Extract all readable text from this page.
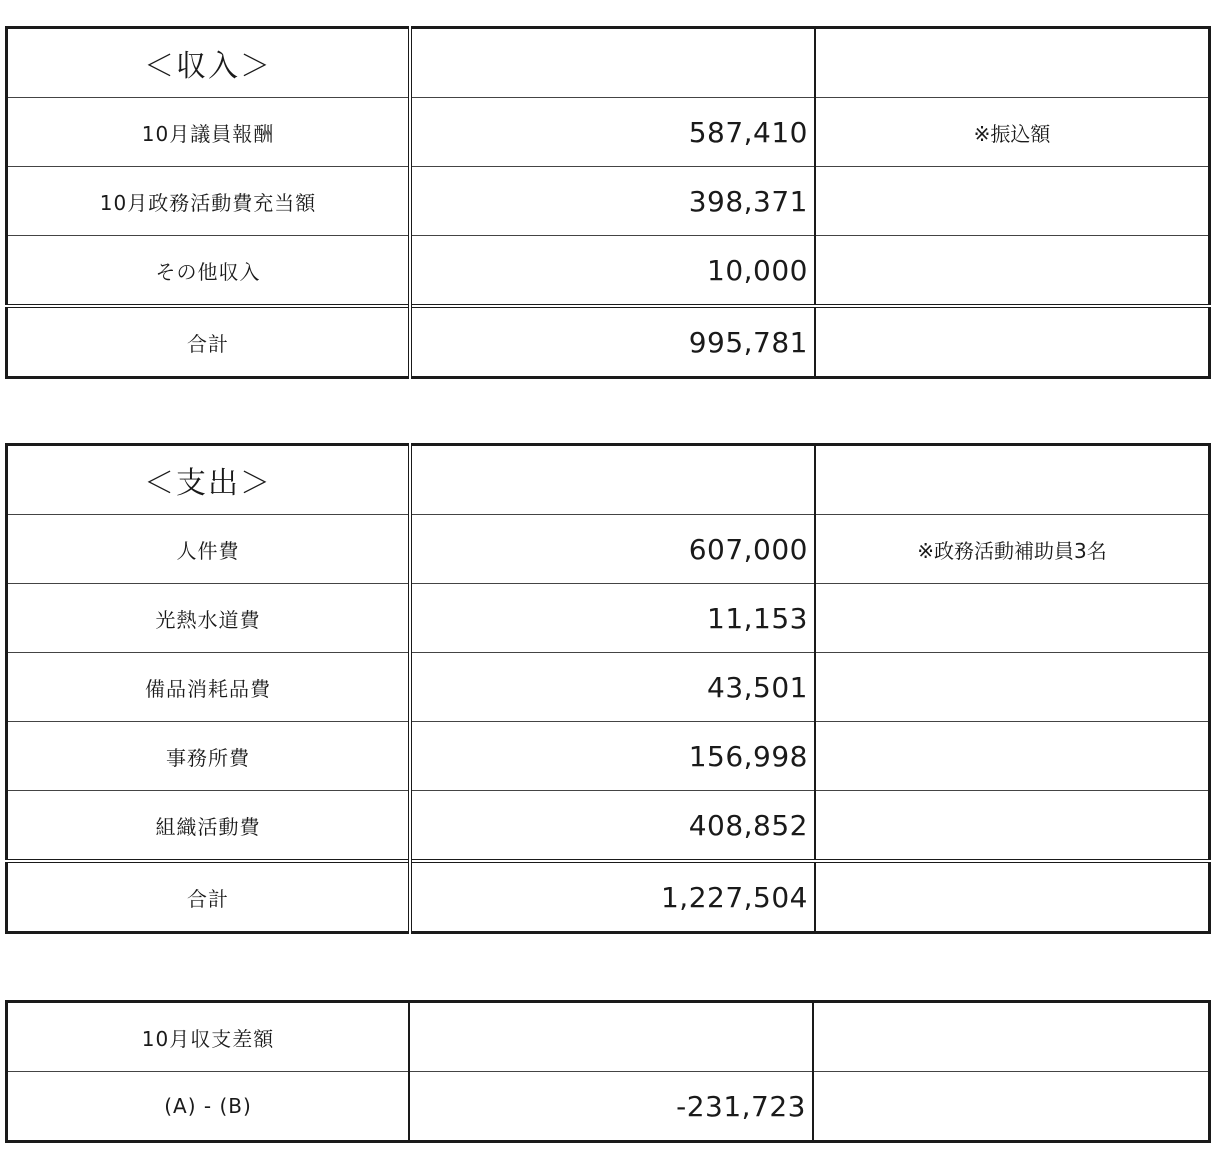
＜収入＞		
10月議員報酬	587,410	※振込額
10月政務活動費充当額	398,371	
その他収入	10,000	
合計	995,781	
＜支出＞		
人件費	607,000	※政務活動補助員3名
光熱水道費	11,153	
備品消耗品費	43,501	
事務所費	156,998	
組織活動費	408,852	
合計	1,227,504	
10月収支差額		
(A) - (B)	-231,723	
